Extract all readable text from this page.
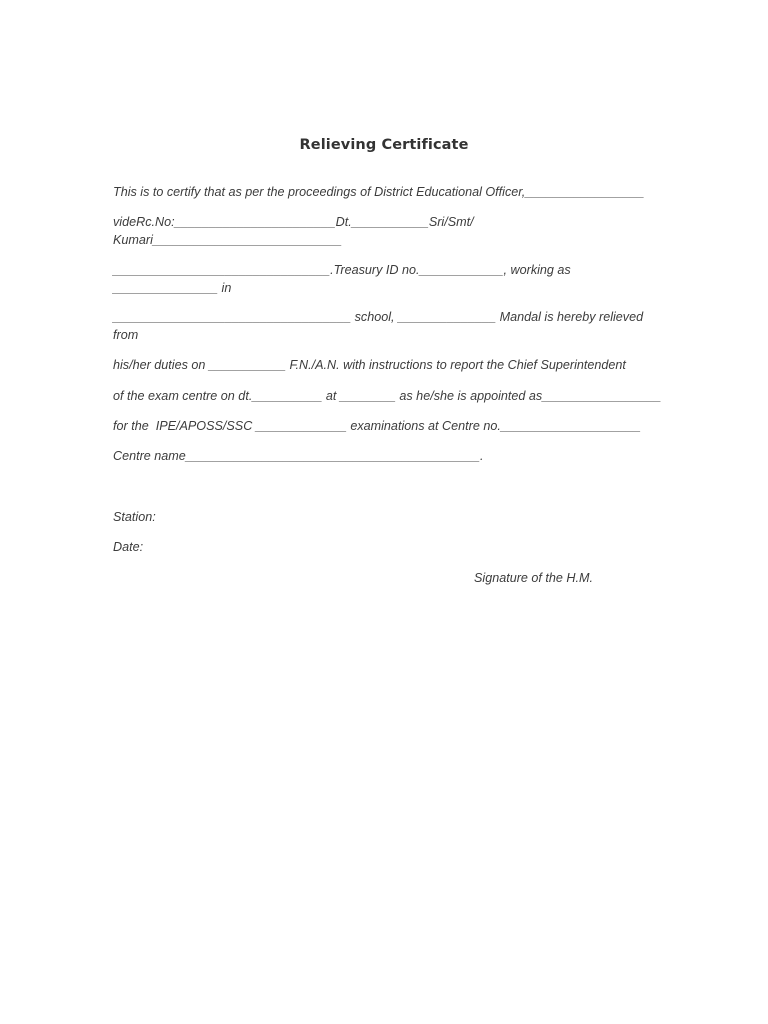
Relieving Certificate
This is to certify that as per the proceedings of District Educational Officer,_________________
videRc.No:_______________________Dt.___________Sri/Smt/
Kumari___________________________
_______________________________.Treasury ID no.____________, working as
_______________ in
__________________________________ school, ______________ Mandal is hereby relieved
from
his/her duties on ___________ F.N./A.N. with instructions to report the Chief Superintendent
of the exam centre on dt.__________ at ________ as he/she is appointed as_________________
for the  IPE/APOSS/SSC _____________ examinations at Centre no.____________________
Centre name__________________________________________.
Station:
Date:
Signature of the H.M.
